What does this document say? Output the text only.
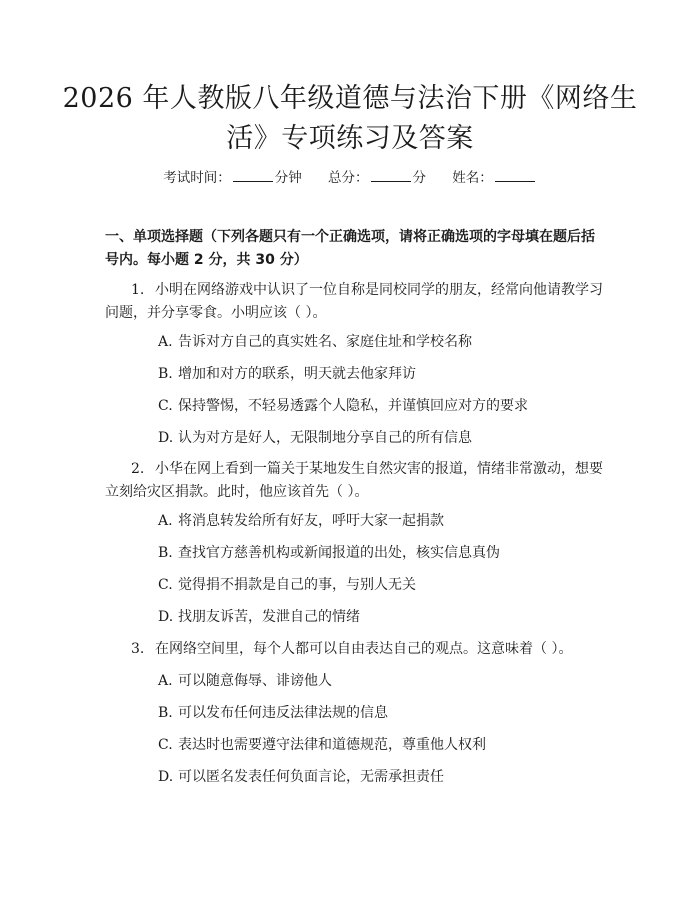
2026 年人教版八年级道德与法治下册《网络生活》专项练习及答案
考试时间：	分钟 总分：	分 姓名：
一、单项选择题（下列各题只有一个正确选项，请将正确选项的字母填在题后括号内。每小题 2 分，共 30 分）
1. 小明在网络游戏中认识了一位自称是同校同学的朋友，经常向他请教学习问题，并分享零食。小明应该（ ）。
A. 告诉对方自己的真实姓名、家庭住址和学校名称
B. 增加和对方的联系，明天就去他家拜访
C. 保持警惕，不轻易透露个人隐私，并谨慎回应对方的要求
D. 认为对方是好人，无限制地分享自己的所有信息
2. 小华在网上看到一篇关于某地发生自然灾害的报道，情绪非常激动，想要立刻给灾区捐款。此时，他应该首先（ ）。
A. 将消息转发给所有好友，呼吁大家一起捐款
B. 查找官方慈善机构或新闻报道的出处，核实信息真伪
C. 觉得捐不捐款是自己的事，与别人无关
D. 找朋友诉苦，发泄自己的情绪
3. 在网络空间里，每个人都可以自由表达自己的观点。这意味着（ ）。
A. 可以随意侮辱、诽谤他人
B. 可以发布任何违反法律法规的信息
C. 表达时也需要遵守法律和道德规范，尊重他人权利
D. 可以匿名发表任何负面言论，无需承担责任
